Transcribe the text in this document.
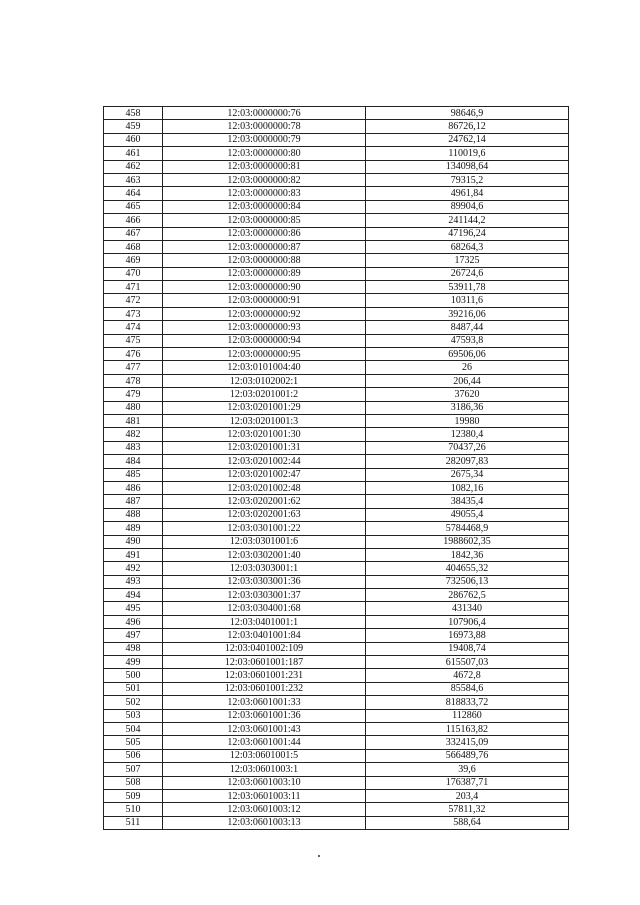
458	12:03:0000000:76	98646,9
459	12:03:0000000:78	86726,12
460	12:03:0000000:79	24762,14
461	12:03:0000000:80	110019,6
462	12:03:0000000:81	134098,64
463	12:03:0000000:82	79315,2
464	12:03:0000000:83	4961,84
465	12:03:0000000:84	89904,6
466	12:03:0000000:85	241144,2
467	12:03:0000000:86	47196,24
468	12:03:0000000:87	68264,3
469	12:03:0000000:88	17325
470	12:03:0000000:89	26724,6
471	12:03:0000000:90	53911,78
472	12:03:0000000:91	10311,6
473	12:03:0000000:92	39216,06
474	12:03:0000000:93	8487,44
475	12:03:0000000:94	47593,8
476	12:03:0000000:95	69506,06
477	12:03:0101004:40	26
478	12:03:0102002:1	206,44
479	12:03:0201001:2	37620
480	12:03:0201001:29	3186,36
481	12:03:0201001:3	19980
482	12:03:0201001:30	12380,4
483	12:03:0201001:31	70437,26
484	12:03:0201002:44	282097,83
485	12:03:0201002:47	2675,34
486	12:03:0201002:48	1082,16
487	12:03:0202001:62	38435,4
488	12:03:0202001:63	49055,4
489	12:03:0301001:22	5784468,9
490	12:03:0301001:6	1988602,35
491	12:03:0302001:40	1842,36
492	12:03:0303001:1	404655,32
493	12:03:0303001:36	732506,13
494	12:03:0303001:37	286762,5
495	12:03:0304001:68	431340
496	12:03:0401001:1	107906,4
497	12:03:0401001:84	16973,88
498	12:03:0401002:109	19408,74
499	12:03:0601001:187	615507,03
500	12:03:0601001:231	4672,8
501	12:03:0601001:232	85584,6
502	12:03:0601001:33	818833,72
503	12:03:0601001:36	112860
504	12:03:0601001:43	115163,82
505	12:03:0601001:44	332415,09
506	12:03:0601001:5	566489,76
507	12:03:0601003:1	39,6
508	12:03:0601003:10	176387,71
509	12:03:0601003:11	203,4
510	12:03:0601003:12	57811,32
511	12:03:0601003:13	588,64
